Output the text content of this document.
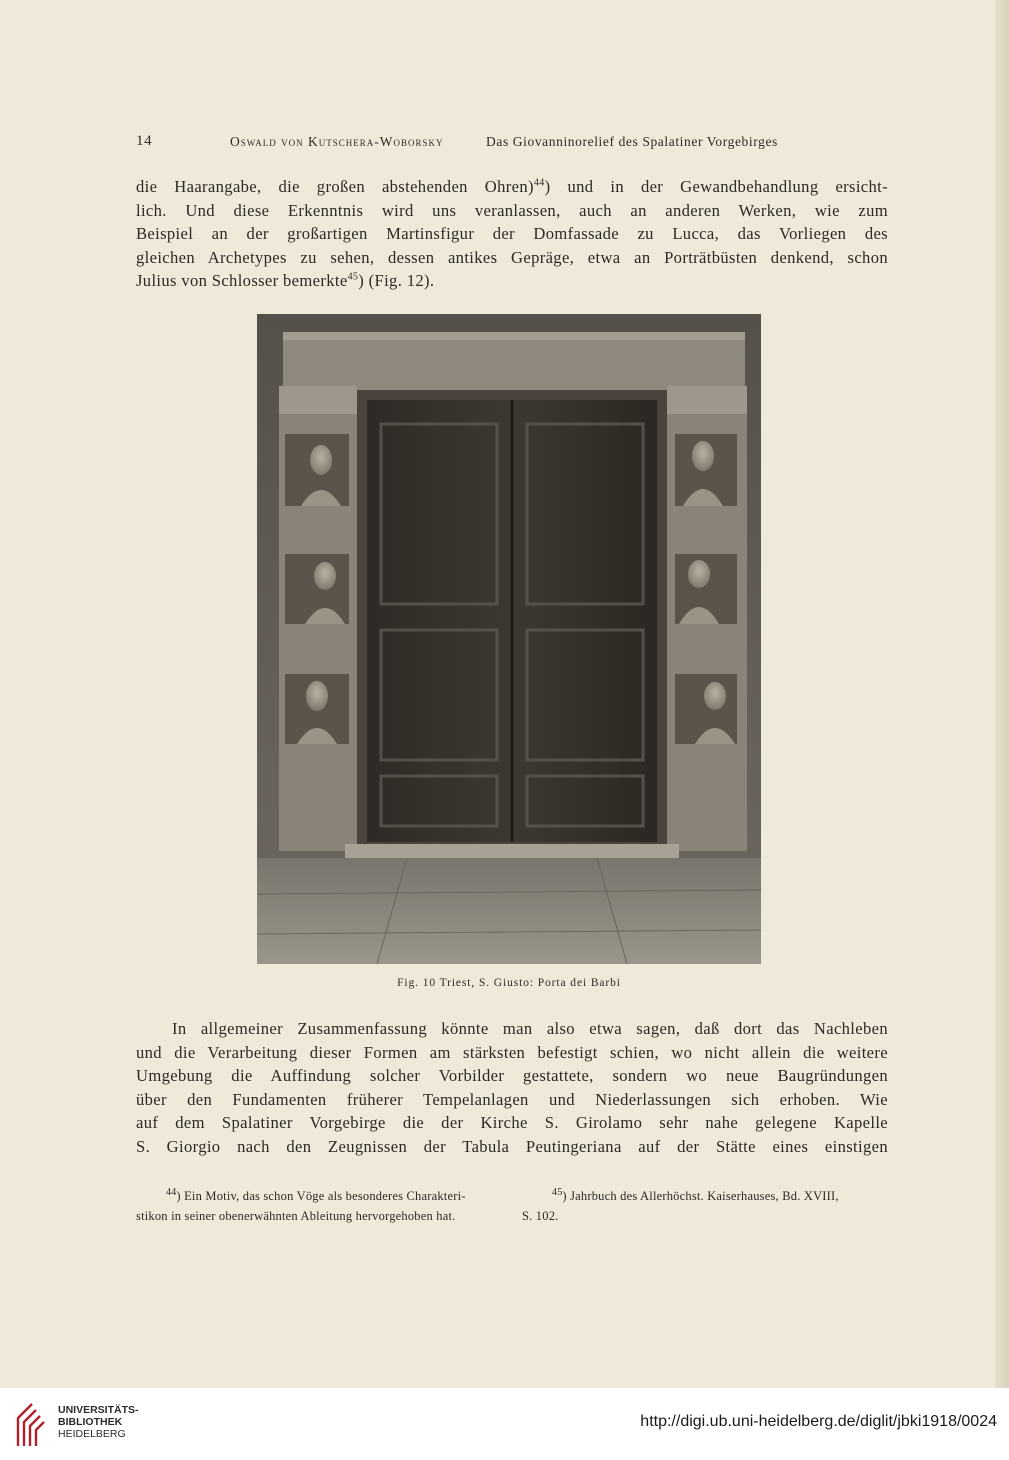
14	Oswald von Kutschera-Woborsky	Das Giovanninorelief des Spalatiner Vorgebirges

die Haarangabe, die großen abstehenden Ohren)$^{44}$) und in der Gewandbehandlung ersicht-
lich. Und diese Erkenntnis wird uns veranlassen, auch an anderen Werken, wie zum
Beispiel an der großartigen Martinsfigur der Domfassade zu Lucca, das Vorliegen des
gleichen Archetypes zu sehen, dessen antikes Gepräge, etwa an Porträtbüsten denkend, schon
Julius von Schlosser bemerkte$^{45}$) (Fig. 12).

Fig. 10 Triest, S. Giusto: Porta dei Barbi

In allgemeiner Zusammenfassung könnte man also etwa sagen, daß dort das Nachleben
und die Verarbeitung dieser Formen am stärksten befestigt schien, wo nicht allein die weitere
Umgebung die Auffindung solcher Vorbilder gestattete, sondern wo neue Baugründungen
über den Fundamenten früherer Tempelanlagen und Niederlassungen sich erhoben. Wie
auf dem Spalatiner Vorgebirge die der Kirche S. Girolamo sehr nahe gelegene Kapelle
S. Giorgio nach den Zeugnissen der Tabula Peutingeriana auf der Stätte eines einstigen

$^{44}$) Ein Motiv, das schon Vöge als besonderes Charakteri-
stikon in seiner obenerwähnten Ableitung hervorgehoben hat.
$^{45}$) Jahrbuch des Allerhöchst. Kaiserhauses, Bd. XVIII,
S. 102.
UNIVERSITÄTS-
BIBLIOTHEK
HEIDELBERG
http://digi.ub.uni-heidelberg.de/diglit/jbki1918/0024
